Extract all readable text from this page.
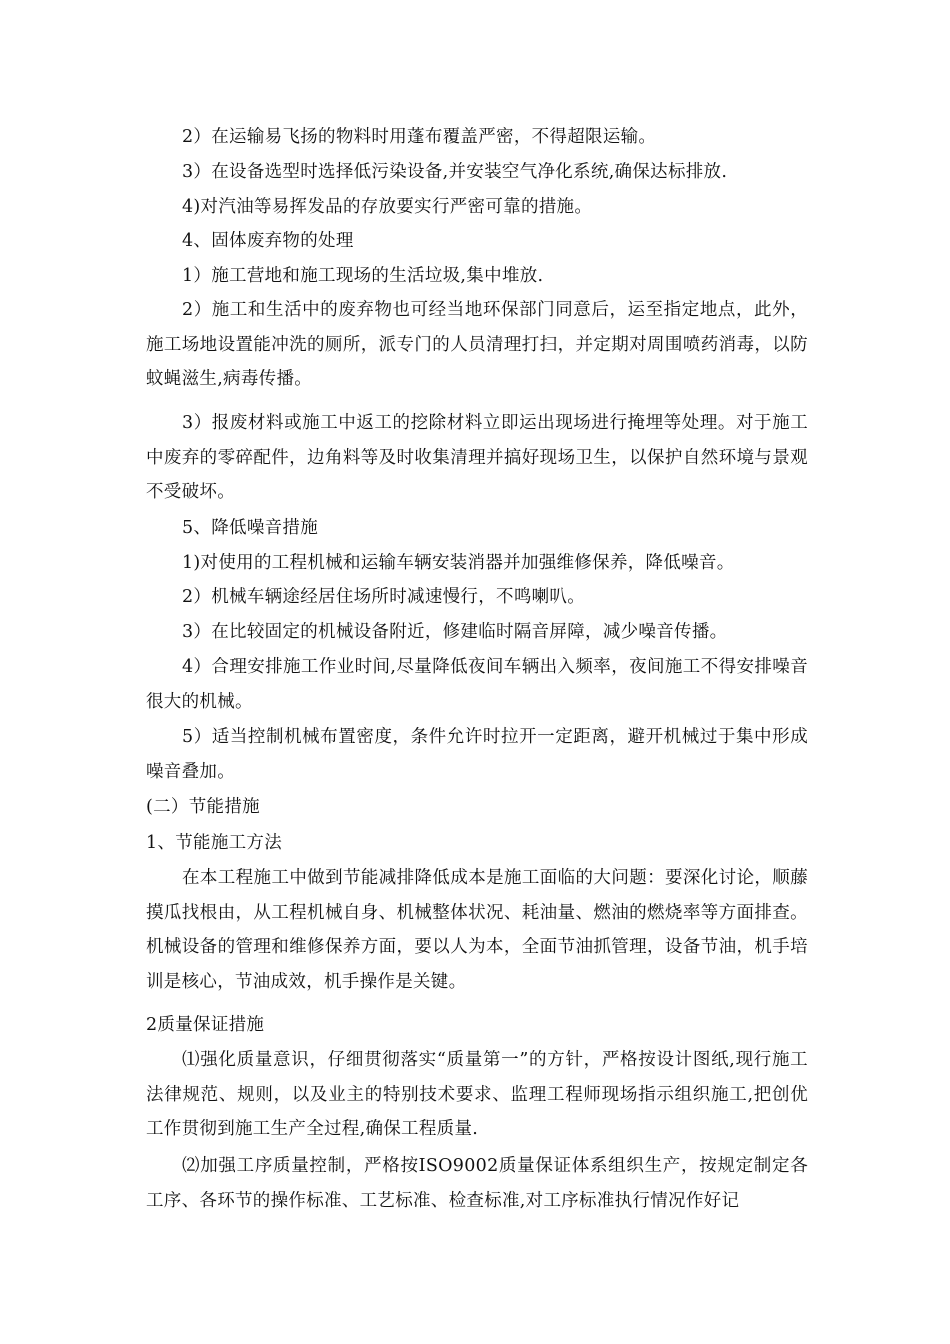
2）在运输易飞扬的物料时用蓬布覆盖严密，不得超限运输。

3）在设备选型时选择低污染设备,并安装空气净化系统,确保达标排放.

4)对汽油等易挥发品的存放要实行严密可靠的措施。

4、固体废弃物的处理

1）施工营地和施工现场的生活垃圾,集中堆放.

2）施工和生活中的废弃物也可经当地环保部门同意后，运至指定地点，此外，施工场地设置能冲洗的厕所，派专门的人员清理打扫，并定期对周围喷药消毒，以防蚊蝇滋生,病毒传播。

3）报废材料或施工中返工的挖除材料立即运出现场进行掩埋等处理。对于施工中废弃的零碎配件，边角料等及时收集清理并搞好现场卫生，以保护自然环境与景观不受破坏。

5、降低噪音措施

1)对使用的工程机械和运输车辆安装消器并加强维修保养，降低噪音。

2）机械车辆途经居住场所时减速慢行，不鸣喇叭。

3）在比较固定的机械设备附近，修建临时隔音屏障，减少噪音传播。

4）合理安排施工作业时间,尽量降低夜间车辆出入频率，夜间施工不得安排噪音很大的机械。

5）适当控制机械布置密度，条件允许时拉开一定距离，避开机械过于集中形成噪音叠加。

(二）节能措施

1、节能施工方法

在本工程施工中做到节能减排降低成本是施工面临的大问题：要深化讨论，顺藤摸瓜找根由，从工程机械自身、机械整体状况、耗油量、燃油的燃烧率等方面排查。机械设备的管理和维修保养方面，要以人为本，全面节油抓管理，设备节油，机手培训是核心，节油成效，机手操作是关键。

2质量保证措施

⑴强化质量意识，仔细贯彻落实“质量第一”的方针，严格按设计图纸,现行施工法律规范、规则，以及业主的特别技术要求、监理工程师现场指示组织施工,把创优工作贯彻到施工生产全过程,确保工程质量.

⑵加强工序质量控制，严格按ISO9002质量保证体系组织生产，按规定制定各工序、各环节的操作标准、工艺标准、检查标准,对工序标准执行情况作好记
